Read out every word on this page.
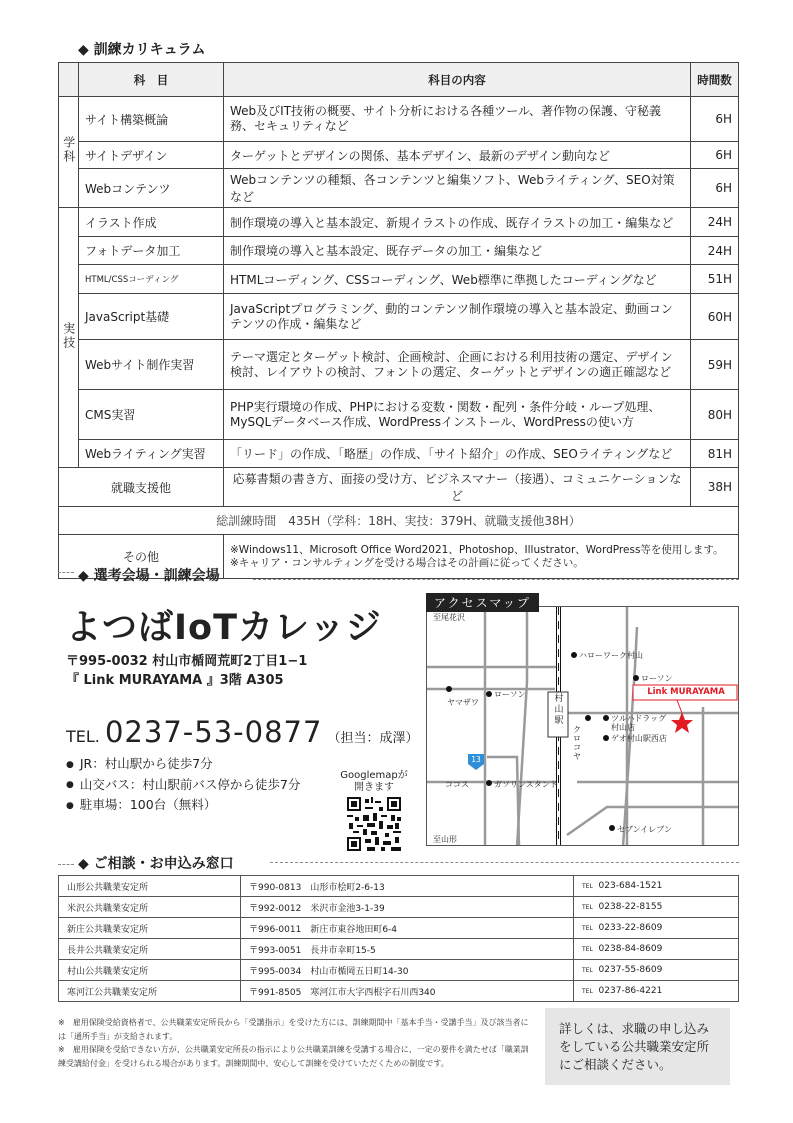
◆ 訓練カリキュラム
	科　目	科目の内容	時間数
学科	サイト構築概論	Web及びIT技術の概要、サイト分析における各種ツール、著作物の保護、守秘義務、セキュリティなど	6H
	サイトデザイン	ターゲットとデザインの関係、基本デザイン、最新のデザイン動向など	6H
	Webコンテンツ	Webコンテンツの種類、各コンテンツと編集ソフト、Webライティング、SEO対策など	6H
実技	イラスト作成	制作環境の導入と基本設定、新規イラストの作成、既存イラストの加工・編集など	24H
	フォトデータ加工	制作環境の導入と基本設定、既存データの加工・編集など	24H
	HTML/CSSコーディング	HTMLコーディング、CSSコーディング、Web標準に準拠したコーディングなど	51H
	JavaScript基礎	JavaScriptプログラミング、動的コンテンツ制作環境の導入と基本設定、動画コンテンツの作成・編集など	60H
	Webサイト制作実習	テーマ選定とターゲット検討、企画検討、企画における利用技術の選定、デザイン検討、レイアウトの検討、フォントの選定、ターゲットとデザインの適正確認など	59H
	CMS実習	PHP実行環境の作成、PHPにおける変数・関数・配列・条件分岐・ループ処理、MySQLデータベース作成、WordPressインストール、WordPressの使い方	80H
	Webライティング実習	「リード」の作成、「略歴」の作成、「サイト紹介」の作成、SEOライティングなど	81H
就職支援他		応募書類の書き方、面接の受け方、ビジネスマナー（接遇）、コミュニケーションなど	38H
総訓練時間　435H（学科：18H、実技：379H、就職支援他38H）			
その他		※Windows11、Microsoft Office Word2021、Photoshop、Illustrator、WordPress等を使用します。
※キャリア・コンサルティングを受ける場合はその計画に従ってください。	
◆ 選考会場・訓練会場
よつばIoTカレッジ
〒995-0032 村山市楯岡荒町2丁目1−1
『 Link MURAYAMA 』3階 A305
TEL. 0237-53-0877 （担当：成澤）
● JR：村山駅から徒歩7分
● 山交バス：村山駅前バス停から徒歩7分
● 駐車場：100台（無料）
Googlemapが
開きます
アクセスマップ
至尾花沢
至山形
ハローワーク村山
ローソン
ヤマザワ
ローソン	村山駅
Link MURAYAMA
ツルハドラッグ村山店
ゲオ村山駅西店
クロコヤ
13
ココス	ガソリンスタンド
セブンイレブン
◆ ご相談・お申込み窓口
山形公共職業安定所	〒990-0813　山形市桧町2-6-13	TEL 023-684-1521
米沢公共職業安定所	〒992-0012　米沢市金池3-1-39	TEL 0238-22-8155
新庄公共職業安定所	〒996-0011　新庄市東谷地田町6-4	TEL 0233-22-8609
長井公共職業安定所	〒993-0051　長井市幸町15-5	TEL 0238-84-8609
村山公共職業安定所	〒995-0034　村山市楯岡五日町14-30	TEL 0237-55-8609
寒河江公共職業安定所	〒991-8505　寒河江市大字西根字石川西340	TEL 0237-86-4221
※　雇用保険受給資格者で、公共職業安定所長から「受講指示」を受けた方には、訓練期間中「基本手当・受講手当」及び該当者には「通所手当」が支給されます。
※　雇用保険を受給できない方が、公共職業安定所長の指示により公共職業訓練を受講する場合に、一定の要件を満たせば「職業訓練受講給付金」を受けられる場合があります。訓練期間中、安心して訓練を受けていただくための制度です。
詳しくは、求職の申し込みをしている公共職業安定所にご相談ください。
